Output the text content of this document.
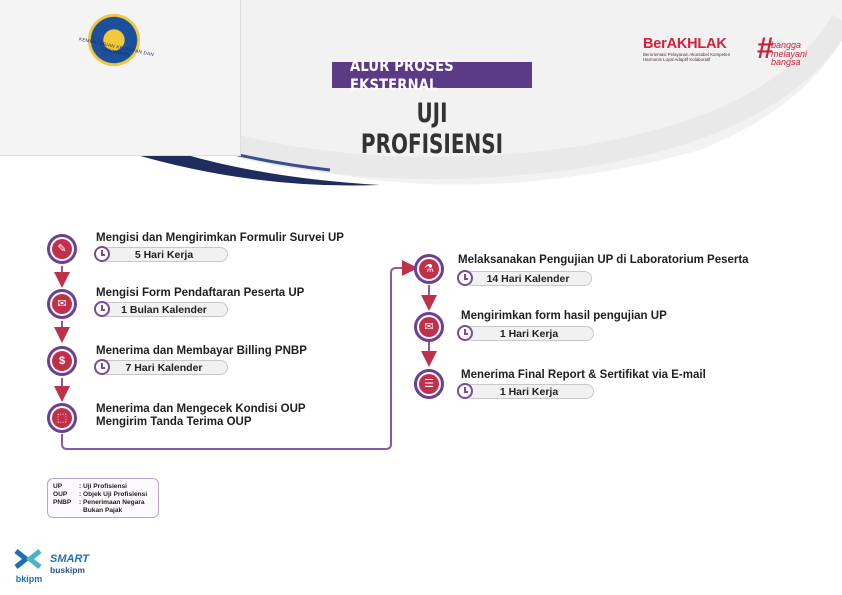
KEMENTERIAN KELAUTAN DAN PERIKANAN
ALUR PROSES EKSTERNAL
UJI PROFISIENSI
BerAKHLAK
Berorientasi Pelayanan Akuntabel Kompeten Harmonis Loyal Adaptif Kolaboratif	#
bangga
melayani
bangsa
✎
Mengisi dan Mengirimkan Formulir Survei UP
5 Hari Kerja
✉
Mengisi Form Pendaftaran Peserta UP
1 Bulan Kalender
$
Menerima dan Membayar Billing PNBP
7 Hari Kalender
⬚
Menerima dan Mengecek Kondisi OUP
Mengirim Tanda Terima OUP
⚗
Melaksanakan Pengujian UP di Laboratorium Peserta
14 Hari Kalender
✉
Mengirimkan form hasil pengujian UP
1 Hari Kerja
☰
Menerima Final Report & Sertifikat via E-mail
1 Hari Kerja
UP	: Uji Profisiensi
OUP	: Objek Uji Profisiensi
PNBP	: Penerimaan Negara
Bukan Pajak
bkipm
SMART
buskipm
